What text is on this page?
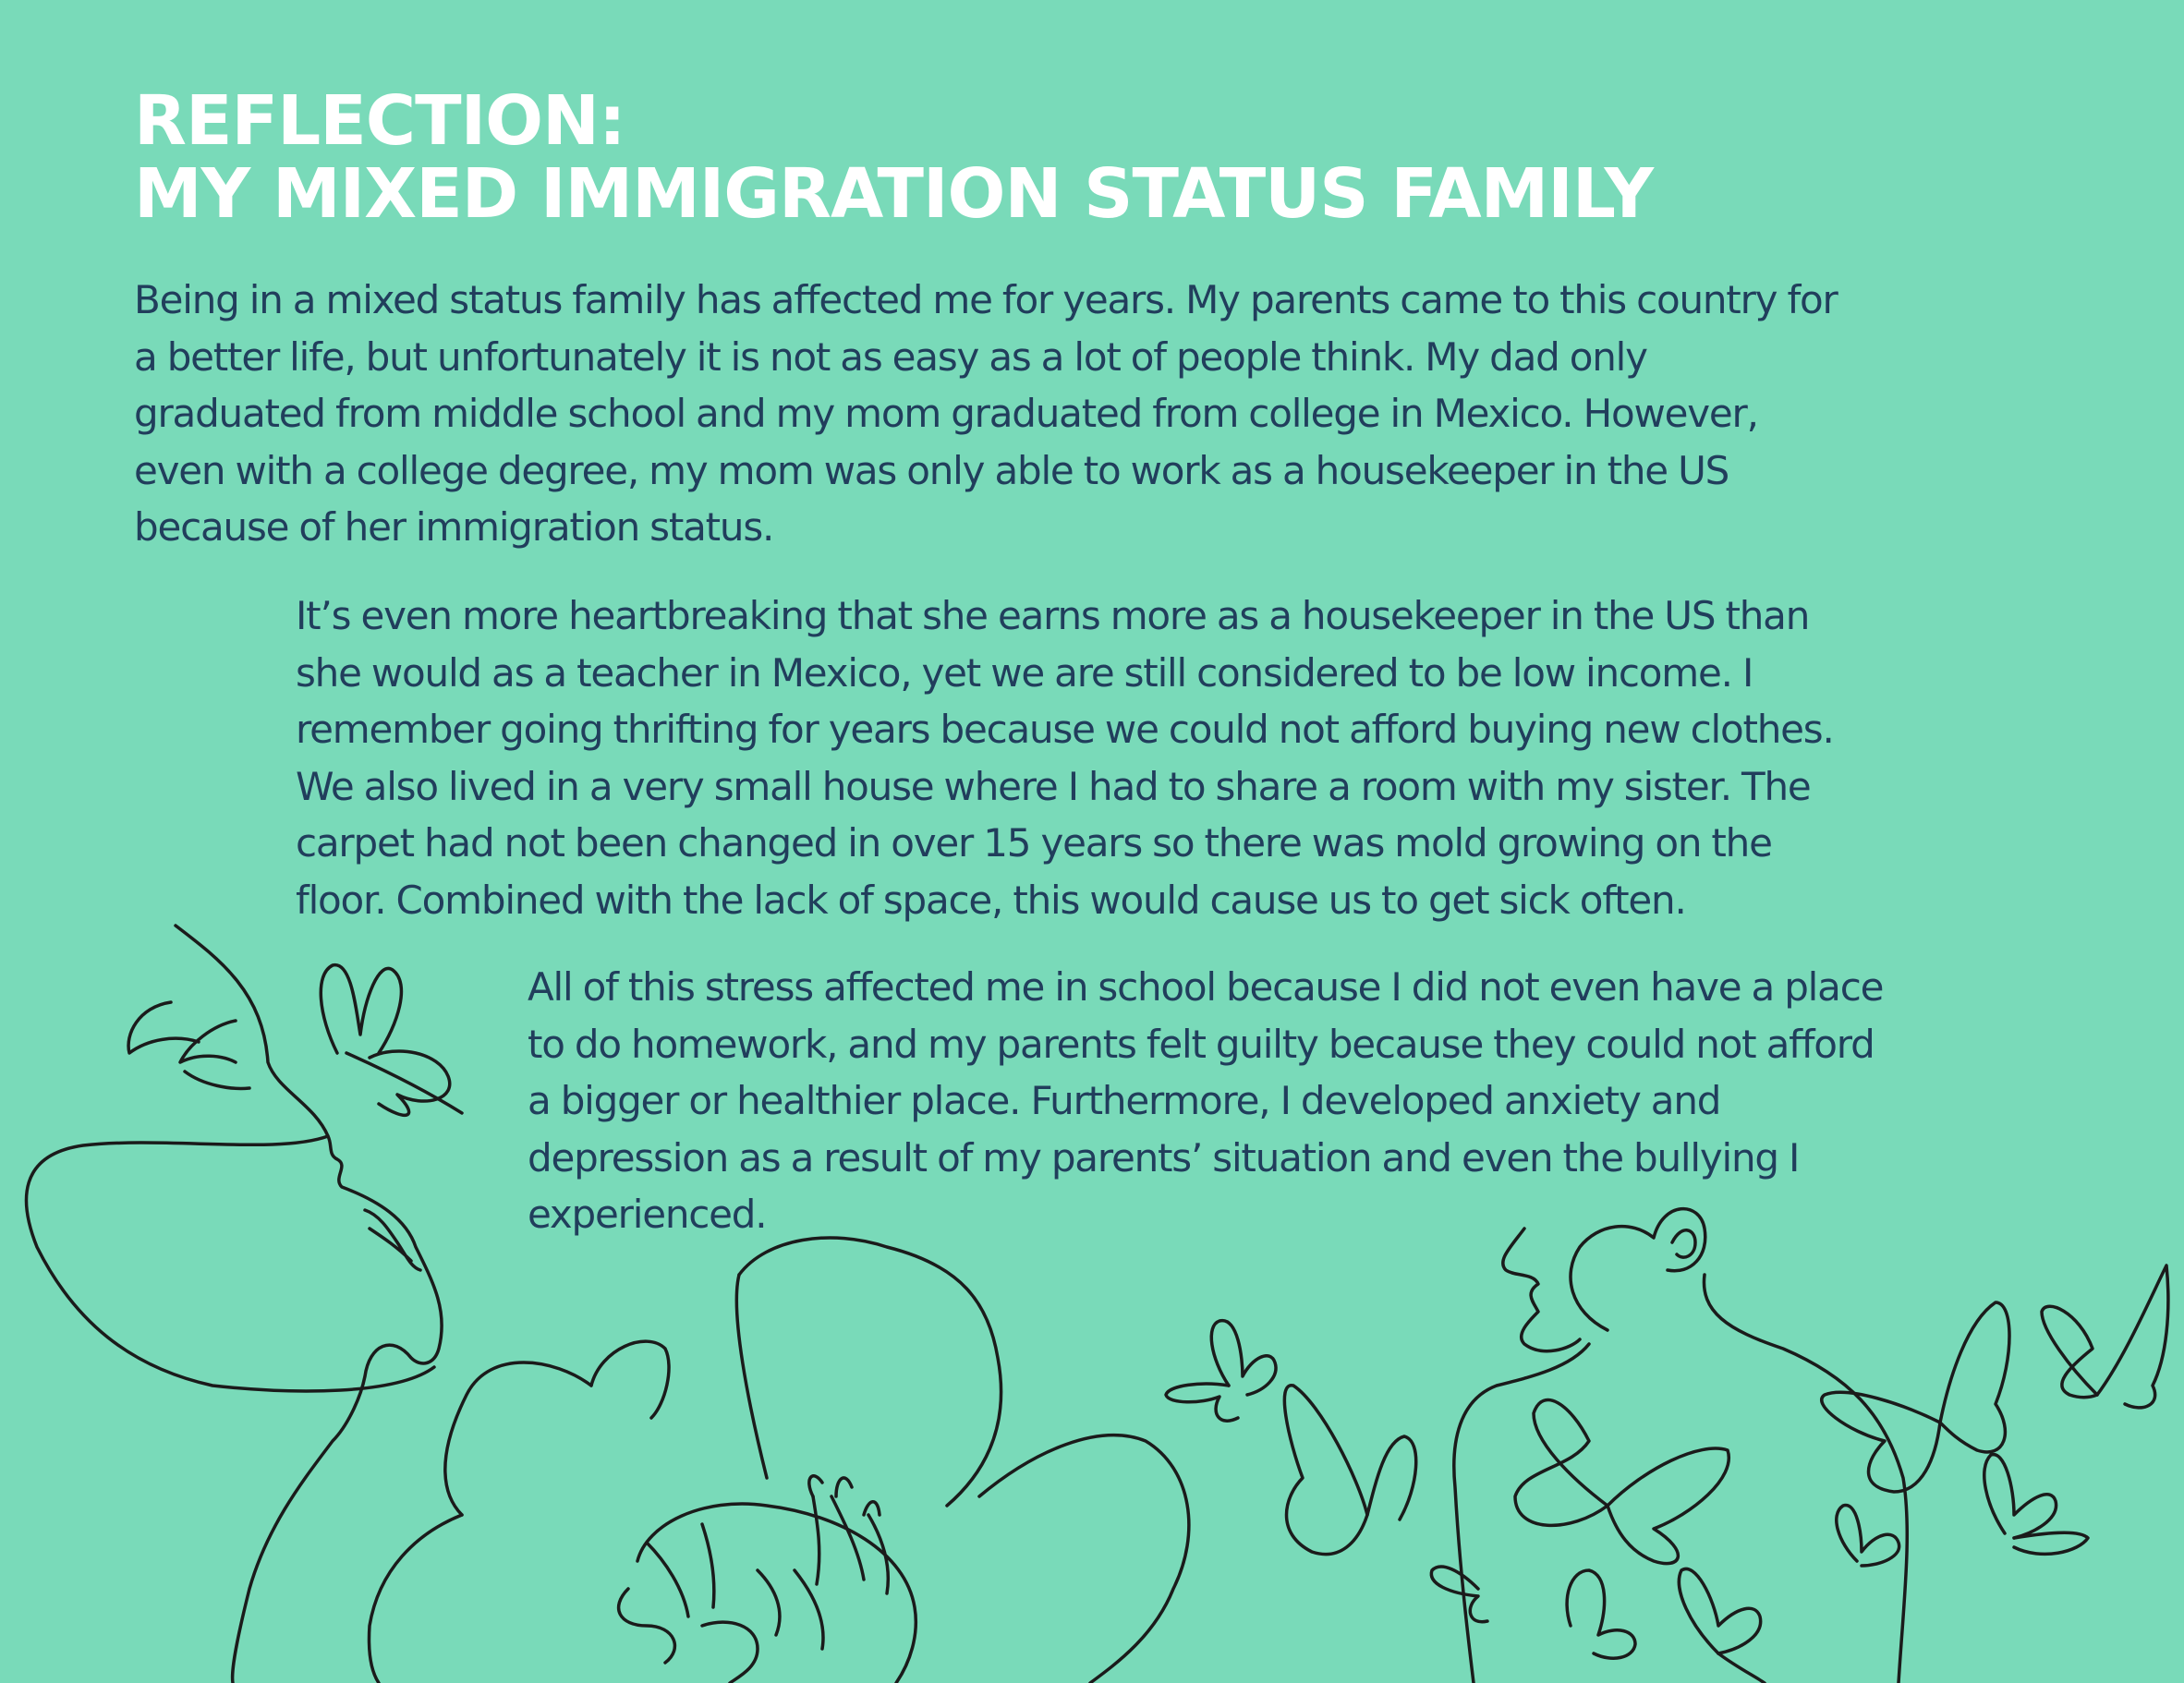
REFLECTION:
MY MIXED IMMIGRATION STATUS FAMILY
Being in a mixed status family has affected me for years. My parents came to this country for
a better life, but unfortunately it is not as easy as a lot of people think. My dad only
graduated from middle school and my mom graduated from college in Mexico. However,
even with a college degree, my mom was only able to work as a housekeeper in the US
because of her immigration status.
It’s even more heartbreaking that she earns more as a housekeeper in the US than
she would as a teacher in Mexico, yet we are still considered to be low income. I
remember going thrifting for years because we could not afford buying new clothes.
We also lived in a very small house where I had to share a room with my sister. The
carpet had not been changed in over 15 years so there was mold growing on the
floor. Combined with the lack of space, this would cause us to get sick often.
All of this stress affected me in school because I did not even have a place
to do homework, and my parents felt guilty because they could not afford
a bigger or healthier place. Furthermore, I developed anxiety and
depression as a result of my parents’ situation and even the bullying I
experienced.
